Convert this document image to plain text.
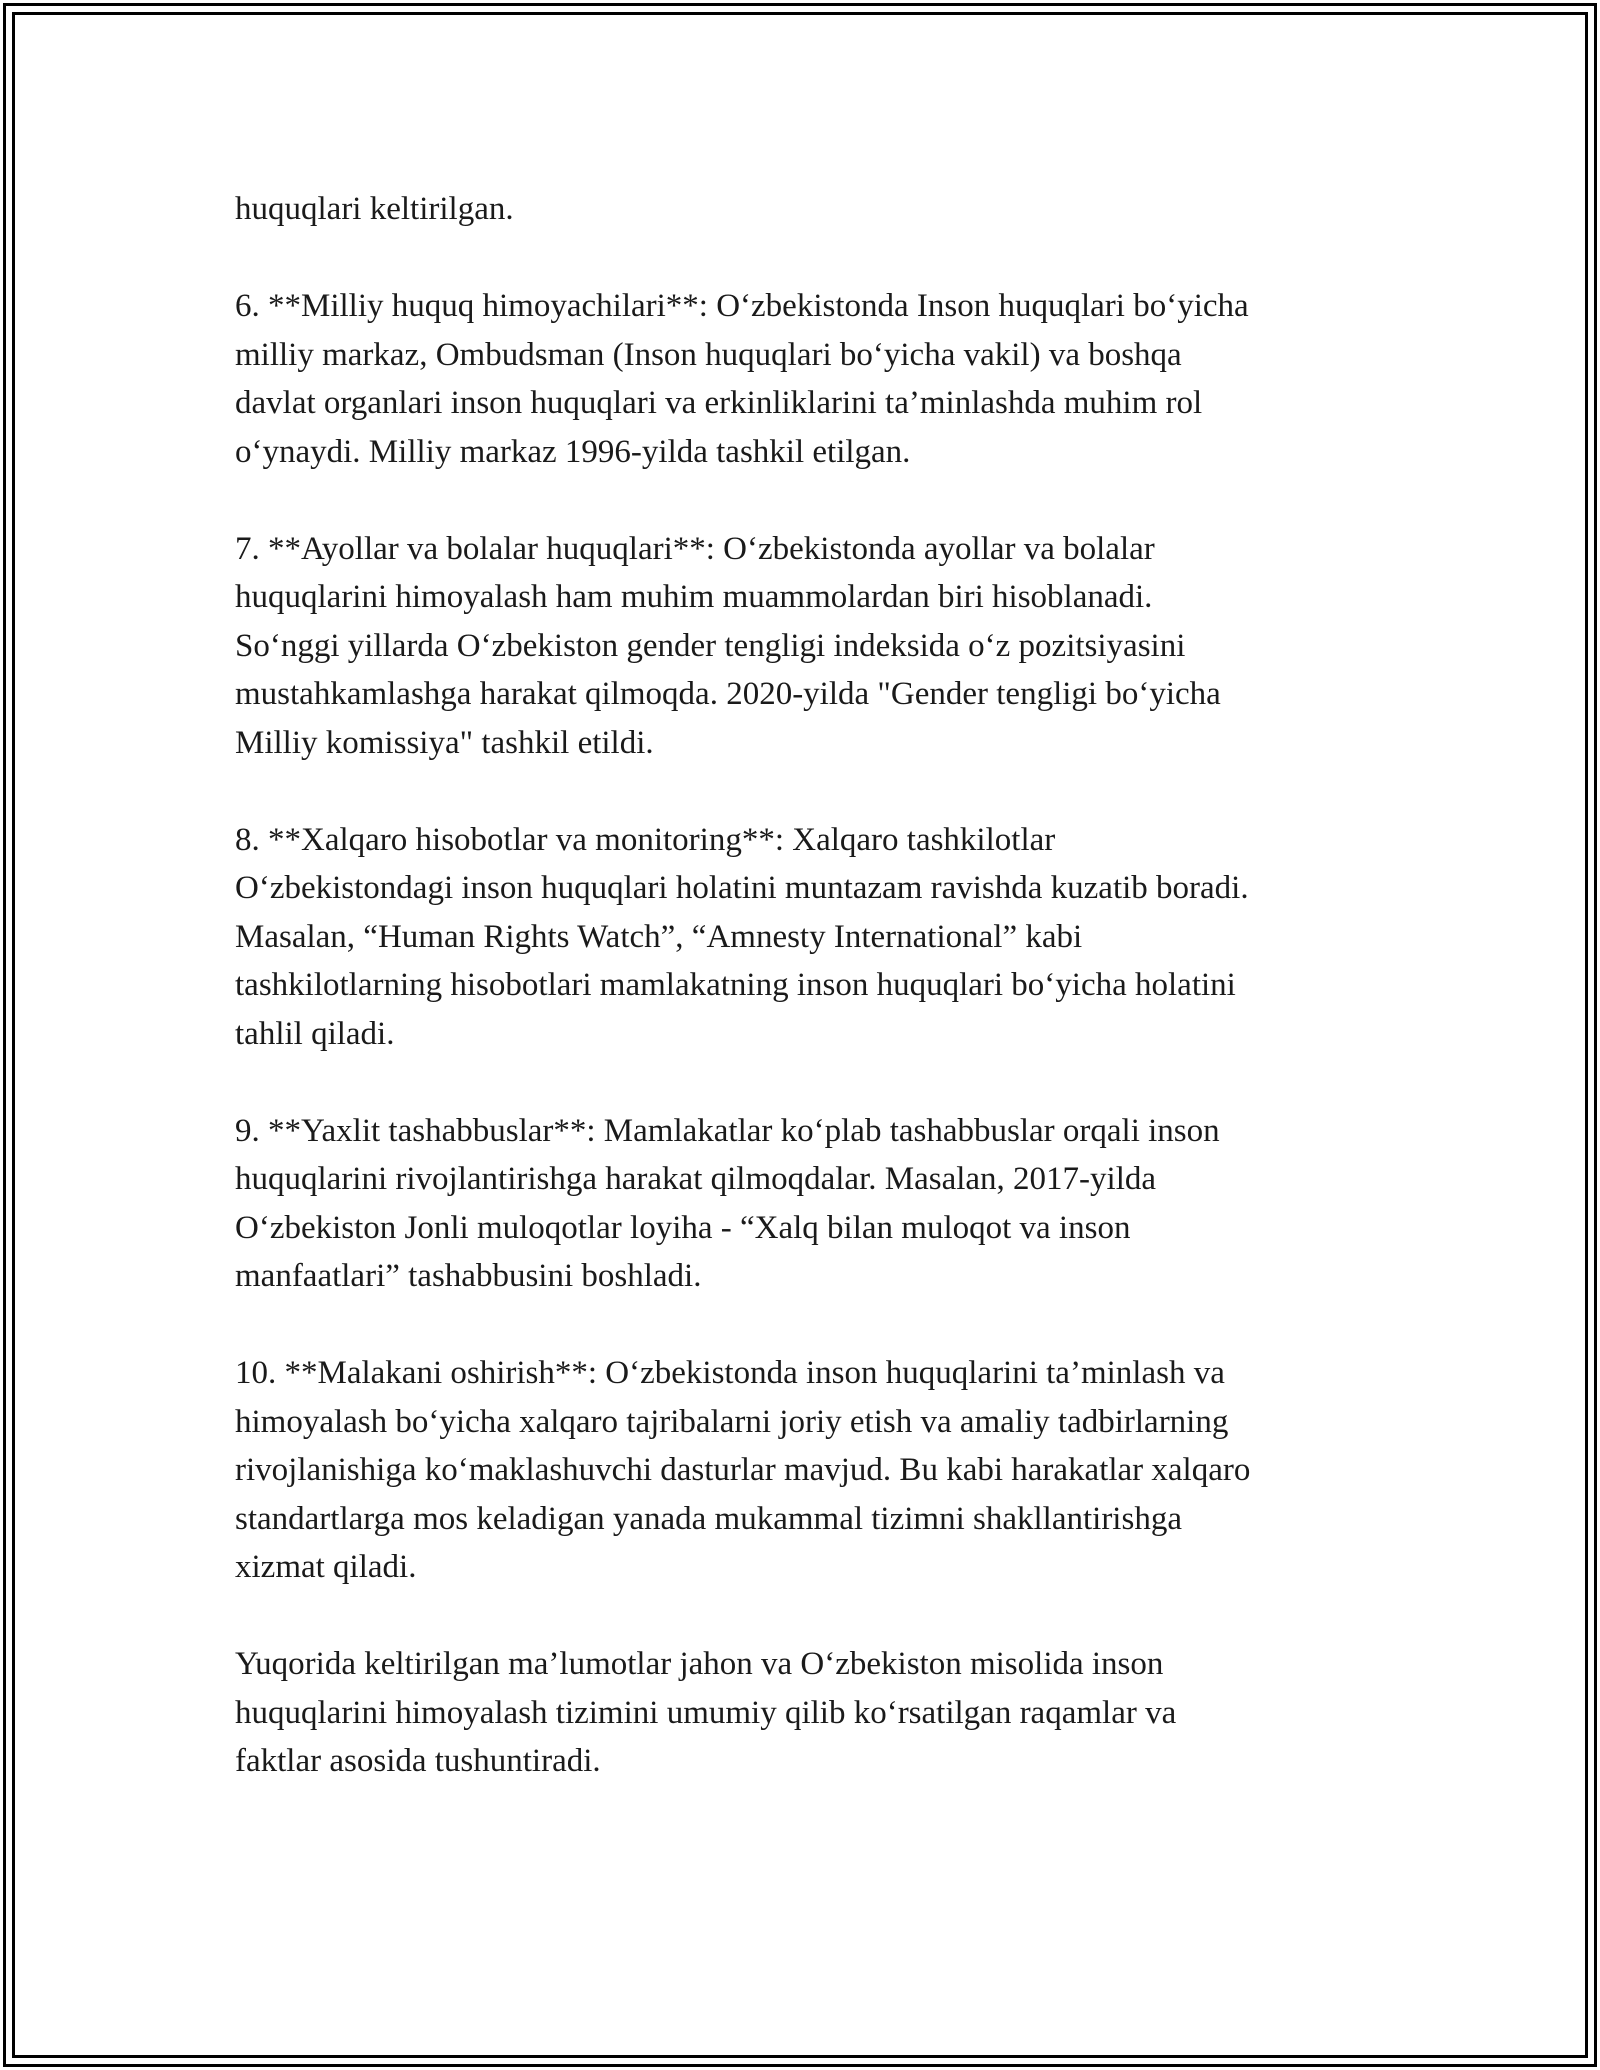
huquqlari keltirilgan.
6. **Milliy huquq himoyachilari**: O‘zbekistonda Inson huquqlari bo‘yicha
milliy markaz, Ombudsman (Inson huquqlari bo‘yicha vakil) va boshqa
davlat organlari inson huquqlari va erkinliklarini ta’minlashda muhim rol
o‘ynaydi. Milliy markaz 1996-yilda tashkil etilgan.
7. **Ayollar va bolalar huquqlari**: O‘zbekistonda ayollar va bolalar
huquqlarini himoyalash ham muhim muammolardan biri hisoblanadi.
So‘nggi yillarda O‘zbekiston gender tengligi indeksida o‘z pozitsiyasini
mustahkamlashga harakat qilmoqda. 2020-yilda "Gender tengligi bo‘yicha
Milliy komissiya" tashkil etildi.
8. **Xalqaro hisobotlar va monitoring**: Xalqaro tashkilotlar
O‘zbekistondagi inson huquqlari holatini muntazam ravishda kuzatib boradi.
Masalan, “Human Rights Watch”, “Amnesty International” kabi
tashkilotlarning hisobotlari mamlakatning inson huquqlari bo‘yicha holatini
tahlil qiladi.
9. **Yaxlit tashabbuslar**: Mamlakatlar ko‘plab tashabbuslar orqali inson
huquqlarini rivojlantirishga harakat qilmoqdalar. Masalan, 2017-yilda
O‘zbekiston Jonli muloqotlar loyiha - “Xalq bilan muloqot va inson
manfaatlari” tashabbusini boshladi.
10. **Malakani oshirish**: O‘zbekistonda inson huquqlarini ta’minlash va
himoyalash bo‘yicha xalqaro tajribalarni joriy etish va amaliy tadbirlarning
rivojlanishiga ko‘maklashuvchi dasturlar mavjud. Bu kabi harakatlar xalqaro
standartlarga mos keladigan yanada mukammal tizimni shakllantirishga
xizmat qiladi.
Yuqorida keltirilgan ma’lumotlar jahon va O‘zbekiston misolida inson
huquqlarini himoyalash tizimini umumiy qilib ko‘rsatilgan raqamlar va
faktlar asosida tushuntiradi.
